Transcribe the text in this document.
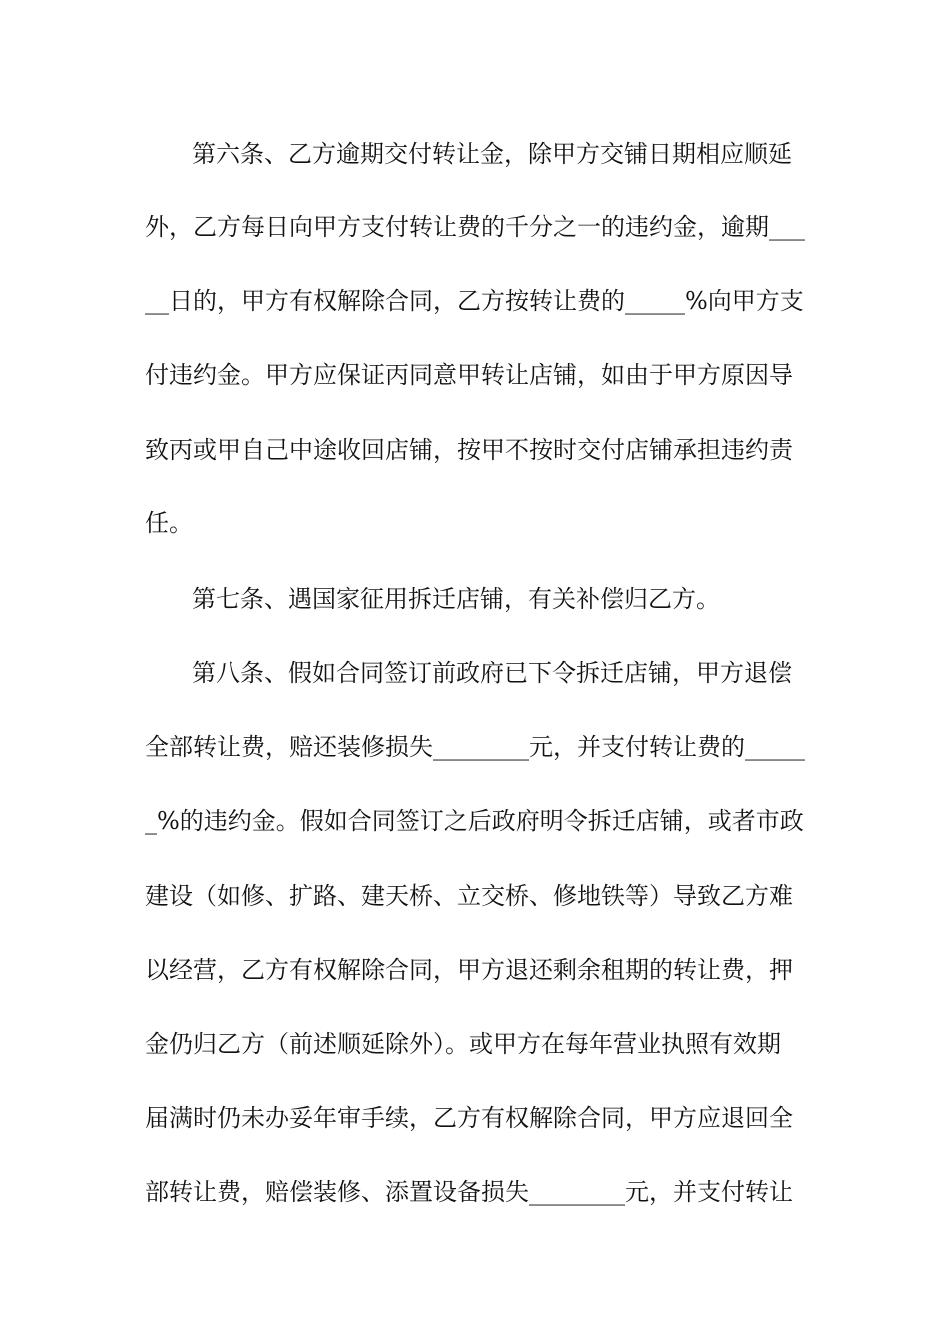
第六条、乙方逾期交付转让金，除甲方交铺日期相应顺延
外，乙方每日向甲方支付转让费的千分之一的违约金，逾期___
__日的，甲方有权解除合同，乙方按转让费的_____%向甲方支
付违约金。甲方应保证丙同意甲转让店铺，如由于甲方原因导
致丙或甲自己中途收回店铺，按甲不按时交付店铺承担违约责
任。
第七条、遇国家征用拆迁店铺，有关补偿归乙方。
第八条、假如合同签订前政府已下令拆迁店铺，甲方退偿
全部转让费，赔还装修损失________元，并支付转让费的_____
_%的违约金。假如合同签订之后政府明令拆迁店铺，或者市政
建设（如修、扩路、建天桥、立交桥、修地铁等）导致乙方难
以经营，乙方有权解除合同，甲方退还剩余租期的转让费，押
金仍归乙方（前述顺延除外）。或甲方在每年营业执照有效期
届满时仍未办妥年审手续，乙方有权解除合同，甲方应退回全
部转让费，赔偿装修、添置设备损失________元，并支付转让
